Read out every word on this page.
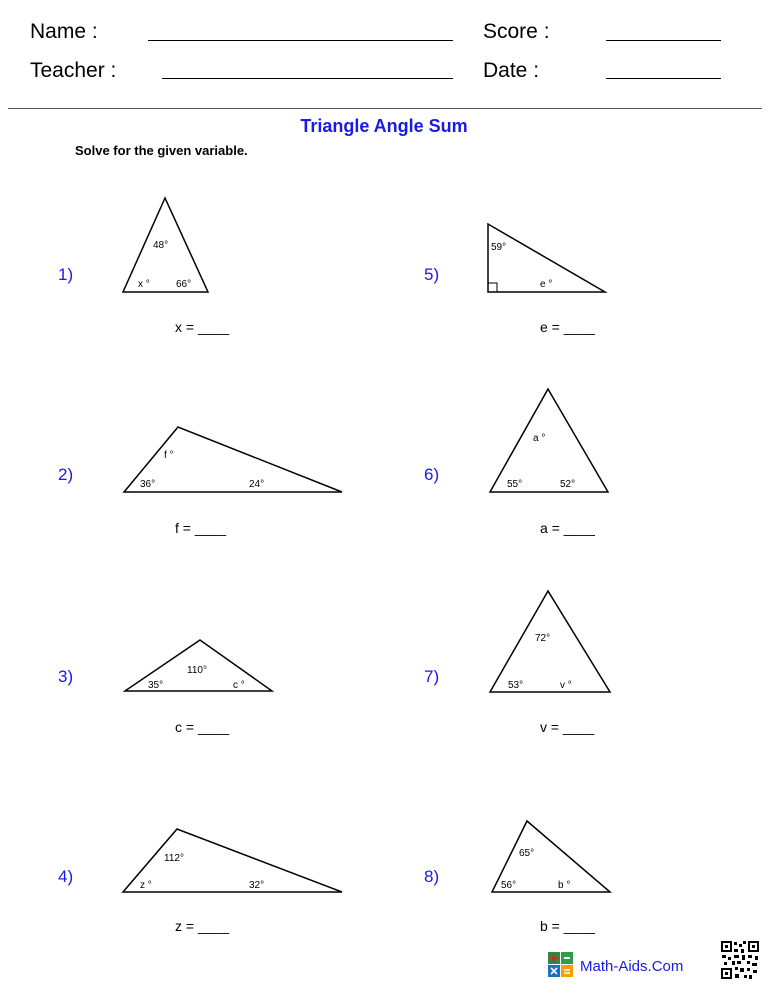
Name :	Score :
Teacher :	Date :
Triangle Angle Sum
Solve for the given variable.
1)
48°
x °	66°
f °
36°	24°
110°
35°	c °
112°
z °	32°
59°
e °
a °
55°	52°
72°
53°	v °
65°
56°	b °
x = ____
2)
f = ____
3)
c = ____
4)
z = ____
5)
e = ____
6)
a = ____
7)
v = ____
8)
b = ____
Math-Aids.Com
